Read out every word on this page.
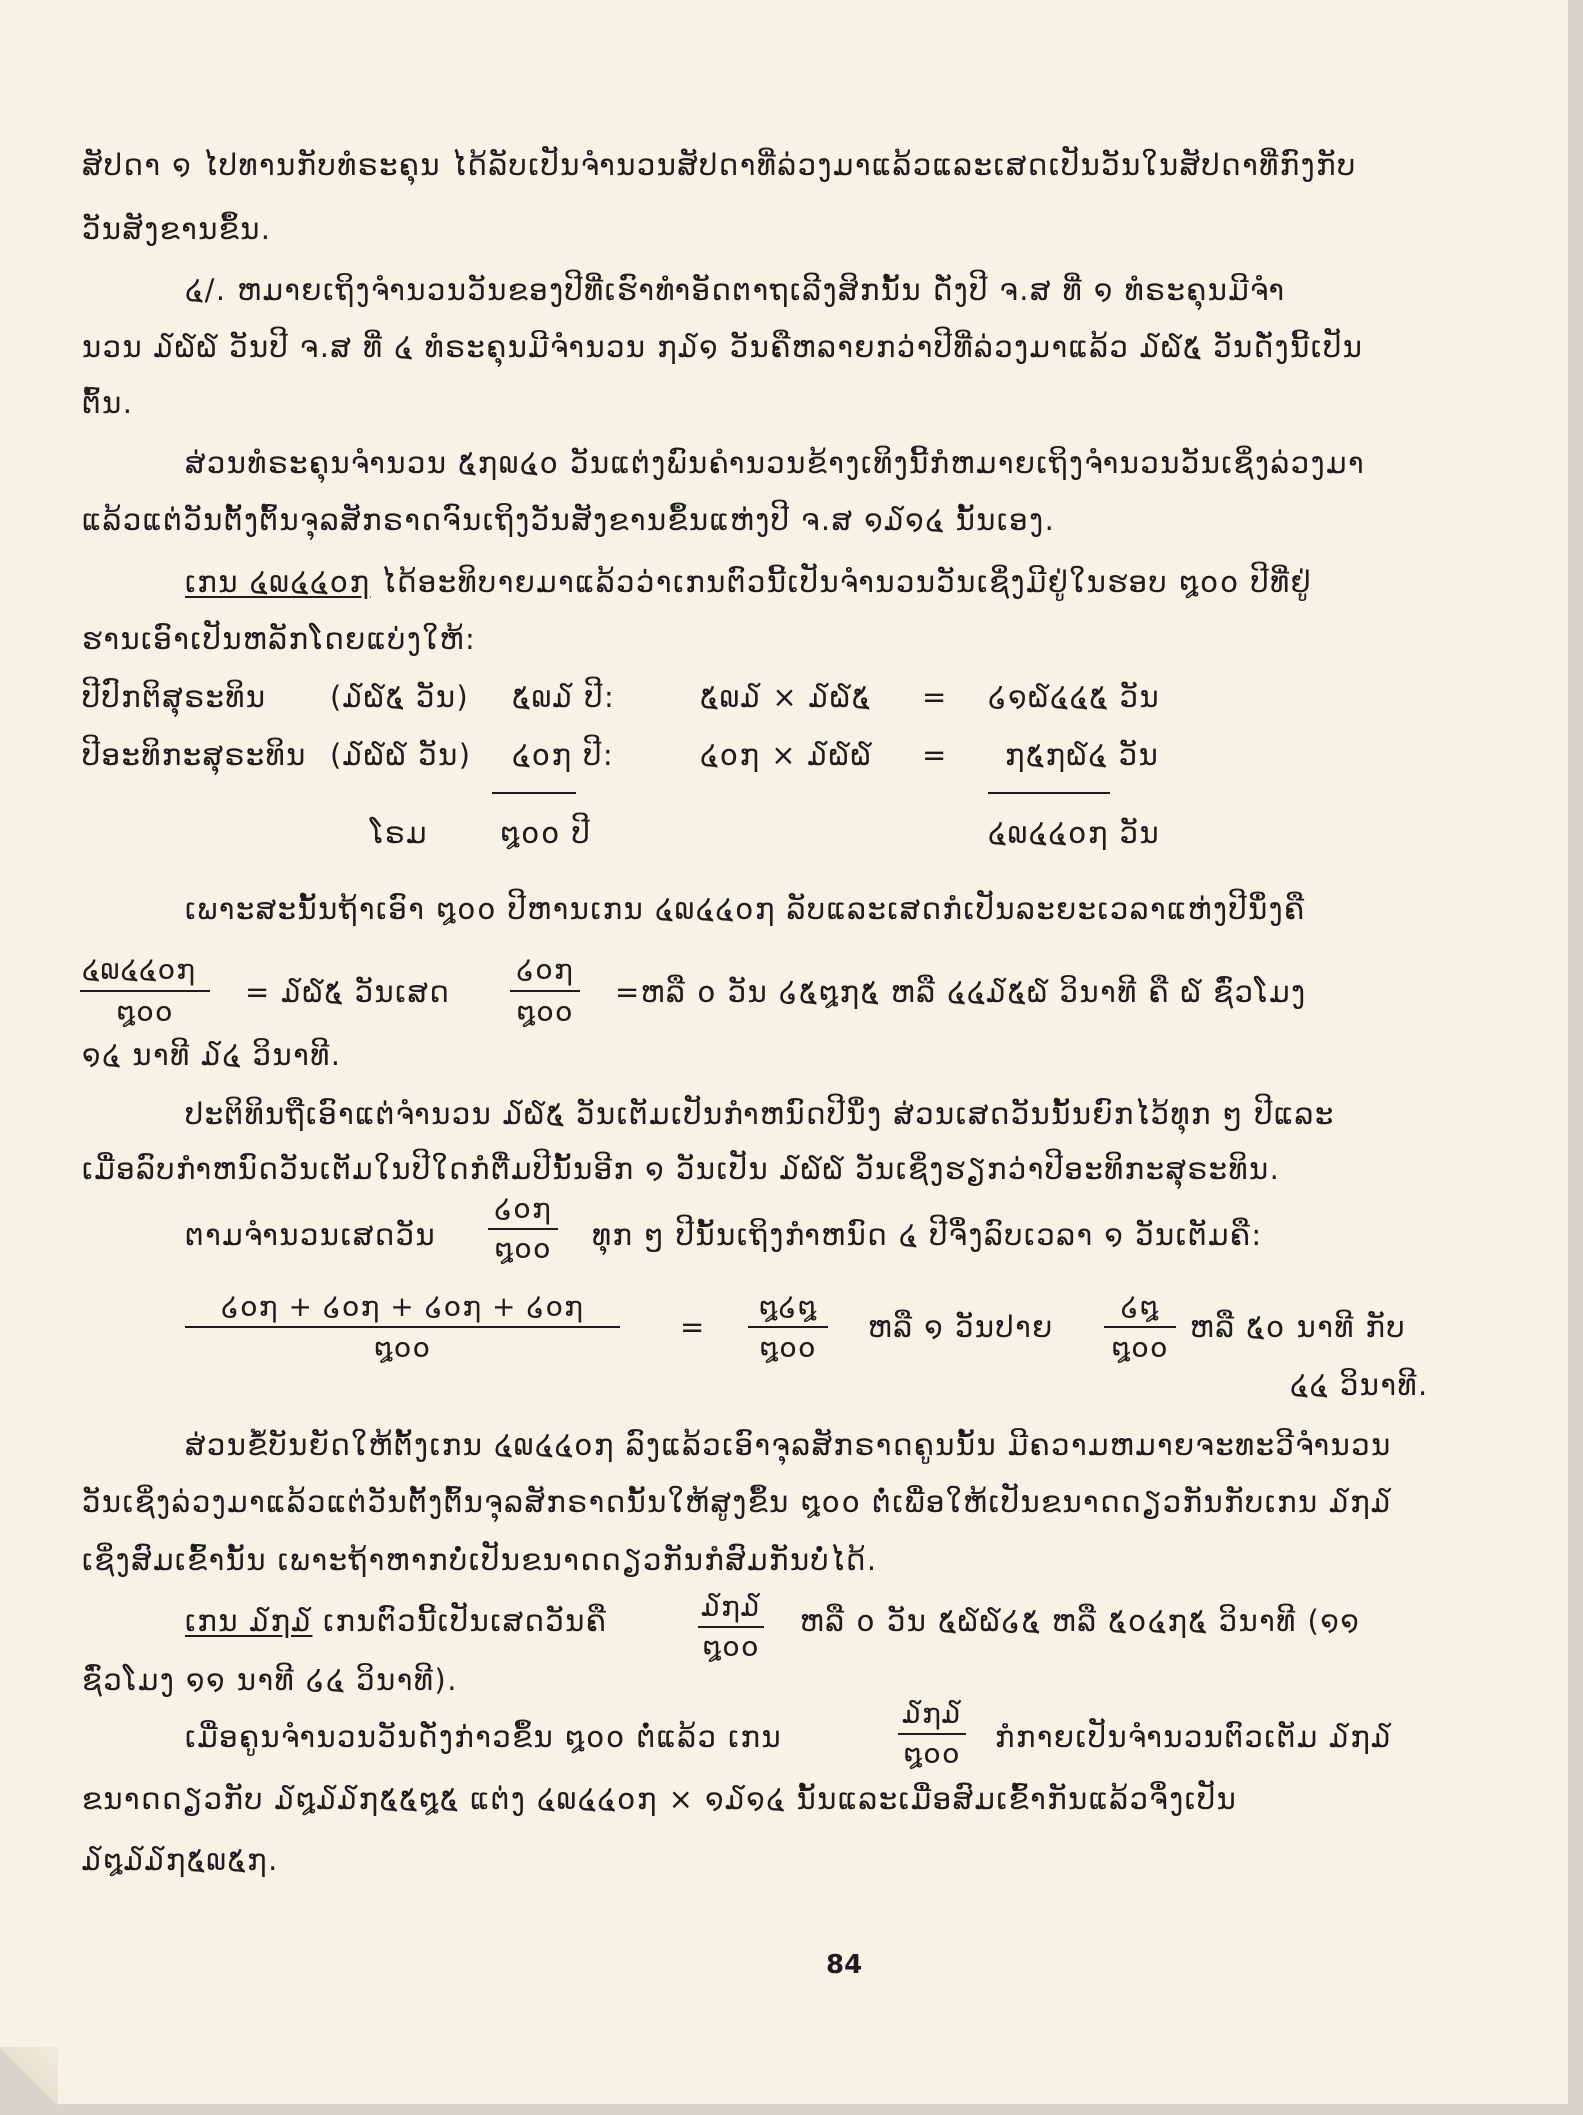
ສັປດາ ໑ ໄປທານກັບທໍຣະຄຸນ ໄດ້ລັບເປັນຈຳນວນສັປດາທີ່ລ່ວງມາແລ້ວແລະເສດເປັນວັນໃນສັປດາທີ່ກົງກັບ
ວັນສັງຂານຂຶ້ນ.
໔/. ຫມາຍເຖິງຈຳນວນວັນຂອງປີທີ່ເຮົາທຳອັດຕາຖເລີງສິກນັ້ນ ດັ່ງປີ ຈ.ສ ທີ່ ໑ ທໍຣະຄຸນມີຈຳ
ນວນ ໓໖໖ ວັນປີ ຈ.ສ ທີ່ ໔ ທໍຣະຄຸນມີຈຳນວນ ໗໓໑ ວັນຄືຫລາຍກວ່າປີທີ່ລ່ວງມາແລ້ວ ໓໖໕ ວັນດັ່ງນີ້ເປັນ
ຕົ້ນ.
ສ່ວນທໍຣະຄຸນຈຳນວນ ໕໗໙໔໐ ວັນແຕ່ງພົນຄຳນວນຂ້າງເທິງນີ້ກໍຫມາຍເຖິງຈຳນວນວັນເຊິ່ງລ່ວງມາ
ແລ້ວແຕ່ວັນຕັ້ງຕົ້ນຈຸລສັກຣາດຈົນເຖິງວັນສັງຂານຂຶ້ນແຫ່ງປີ ຈ.ສ ໑໓໑໔ ນັ້ນເອງ.
ເກນ ໔໙໔໔໐໗ ໄດ້ອະທິບາຍມາແລ້ວວ່າເກນຕົວນີ້ເປັນຈຳນວນວັນເຊິ່ງມີຢູ່ໃນຮອບ ໘໐໐ ປີທີ່ຢູ່
ຮານເອົາເປັນຫລັກໂດຍແບ່ງໃຫ້:
ປີປົກຕິສຸຣະທິນ (໓໖໕ ວັນ) ໕໙໓ ປີ:	໕໙໓ × ໓໖໕ = ໒໑໖໔໔໕ ວັນ
ປີອະທິກະສຸຣະທິນ (໓໖໖ ວັນ) ໔໐໗ ປີ:	໔໐໗ × ໓໖໖ = ໗໕໗໖໔ ວັນ
ໂຣມ ໘໐໐ ປີ	໔໙໔໔໐໗ ວັນ
ເພາະສະນັ້ນຖ້າເອົາ ໘໐໐ ປີຫານເກນ ໔໙໔໔໐໗ ລັບແລະເສດກໍເປັນລະຍະເວລາແຫ່ງປີນຶ່ງຄື
໔໙໔໔໐໗
໘໐໐
= ໓໖໕ ວັນເສດ
໒໐໗
໘໐໐
=ຫລື ໐ ວັນ ໒໕໘໗໕ ຫລື ໔໔໓໕໖ ວິນາທີ ຄື ໖ ຊົ່ວໂມງ
໑໔ ນາທີ ໓໔ ວິນາທີ.
ປະຕິທິນຖືເອົາແຕ່ຈຳນວນ ໓໖໕ ວັນເຕັມເປັນກຳຫນົດປີນຶ່ງ ສ່ວນເສດວັນນັ້ນຍົກໄວ້ທຸກ ໆ ປີແລະ
ເມື່ອລົບກຳຫນົດວັນເຕັມໃນປີໃດກໍຕື່ມປີນັ້ນອີກ ໑ ວັນເປັນ ໓໖໖ ວັນເຊິ່ງຮຽກວ່າປີອະທິກະສຸຣະທິນ.
ຕາມຈຳນວນເສດວັນ
໒໐໗
໘໐໐ ທຸກ ໆ ປີນັ້ນເຖິງກຳຫນົດ ໔ ປີຈຶ່ງລົບເວລາ ໑ ວັນເຕັມຄື:
໒໐໗ + ໒໐໗ + ໒໐໗ + ໒໐໗
໘໐໐
=
໘໒໘
໘໐໐
ຫລື ໑ ວັນປາຍ
໒໘
໘໐໐
ຫລື ໕໐ ນາທີ ກັບ
໔໔ ວິນາທີ.
ສ່ວນຂໍ້ບັນຍັດໃຫ້ຕັ້ງເກນ ໔໙໔໔໐໗ ລົງແລ້ວເອົາຈຸລສັກຣາດຄູນນັ້ນ ມີຄວາມຫມາຍຈະທະວີຈຳນວນ
ວັນເຊິ່ງລ່ວງມາແລ້ວແຕ່ວັນຕັ້ງຕົ້ນຈຸລສັກຣາດນັ້ນໃຫ້ສູງຂຶ້ນ ໘໐໐ ຕໍ່ເພື່ອໃຫ້ເປັນຂນາດດຽວກັນກັບເກນ ໓໗໓
ເຊິ່ງສົມເຂົ້ານັ້ນ ເພາະຖ້າຫາກບໍ່ເປັນຂນາດດຽວກັນກໍສົມກັນບໍ່ໄດ້.
ເກນ ໓໗໓ ເກນຕົວນີ້ເປັນເສດວັນຄື	໓໗໓
໘໐໐
ຫລື ໐ ວັນ ໕໖໖໒໕ ຫລື ໕໐໔໗໕ ວິນາທີ (໑໑
ຊົ່ວໂມງ ໑໑ ນາທີ ໒໔ ວິນາທີ).
ເມື່ອຄູນຈຳນວນວັນດັ່ງກ່າວຂຶ້ນ ໘໐໐ ຕໍ່ແລ້ວ ເກນ
໓໗໓
໘໐໐ ກໍກາຍເປັນຈຳນວນຕົວເຕັມ ໓໗໓
ຂນາດດຽວກັບ ໓໘໓໓໗໕໕໘໕ ແຕ່ງ ໔໙໔໔໐໗ × ໑໓໑໔ ນັ້ນແລະເມື່ອສົມເຂົ້າກັນແລ້ວຈຶ່ງເປັນ
໓໘໓໓໗໕໙໕໗.
84
